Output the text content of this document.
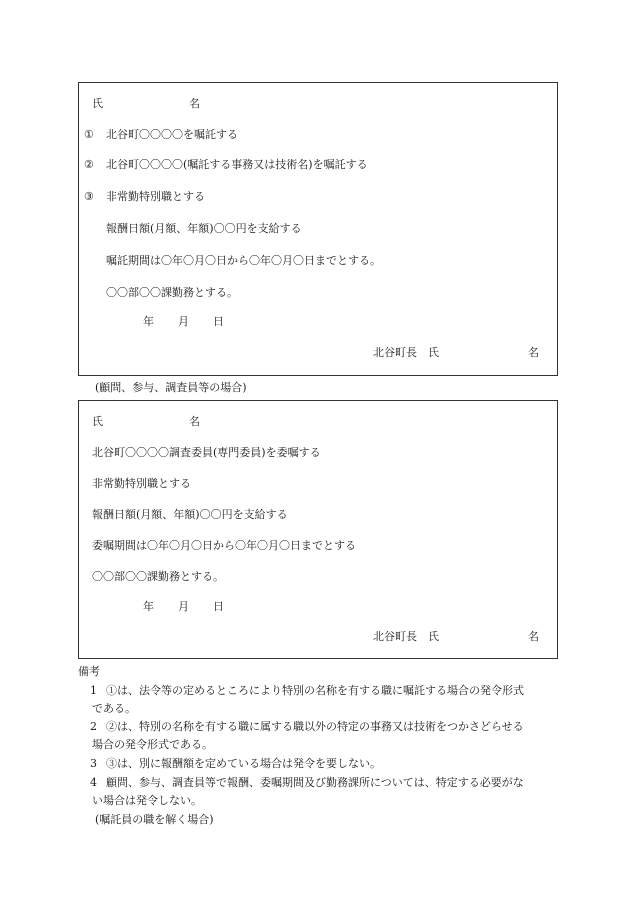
氏	名
① 北谷町〇〇〇〇を嘱託する
② 北谷町〇〇〇〇(嘱託する事務又は技術名)を嘱託する
③ 非常勤特別職とする
報酬日額(月額、年額)〇〇円を支給する
嘱託期間は〇年〇月〇日から〇年〇月〇日までとする。
〇〇部〇〇課勤務とする。
年 月 日
北谷町長　氏	名
(顧問、参与、調査員等の場合)
氏	名
北谷町〇〇〇〇調査委員(専門委員)を委嘱する
非常勤特別職とする
報酬日額(月額、年額)〇〇円を支給する
委嘱期間は〇年〇月〇日から〇年〇月〇日までとする
〇〇部〇〇課勤務とする。
年 月 日
北谷町長　氏	名
備考
1 ①は、法令等の定めるところにより特別の名称を有する職に嘱託する場合の発令形式
である。
2 ②は、特別の名称を有する職に属する職以外の特定の事務又は技術をつかさどらせる
場合の発令形式である。
3 ③は、別に報酬額を定めている場合は発令を要しない。
4 顧問、参与、調査員等で報酬、委嘱期間及び勤務課所については、特定する必要がな
い場合は発令しない。
(嘱託員の職を解く場合)
